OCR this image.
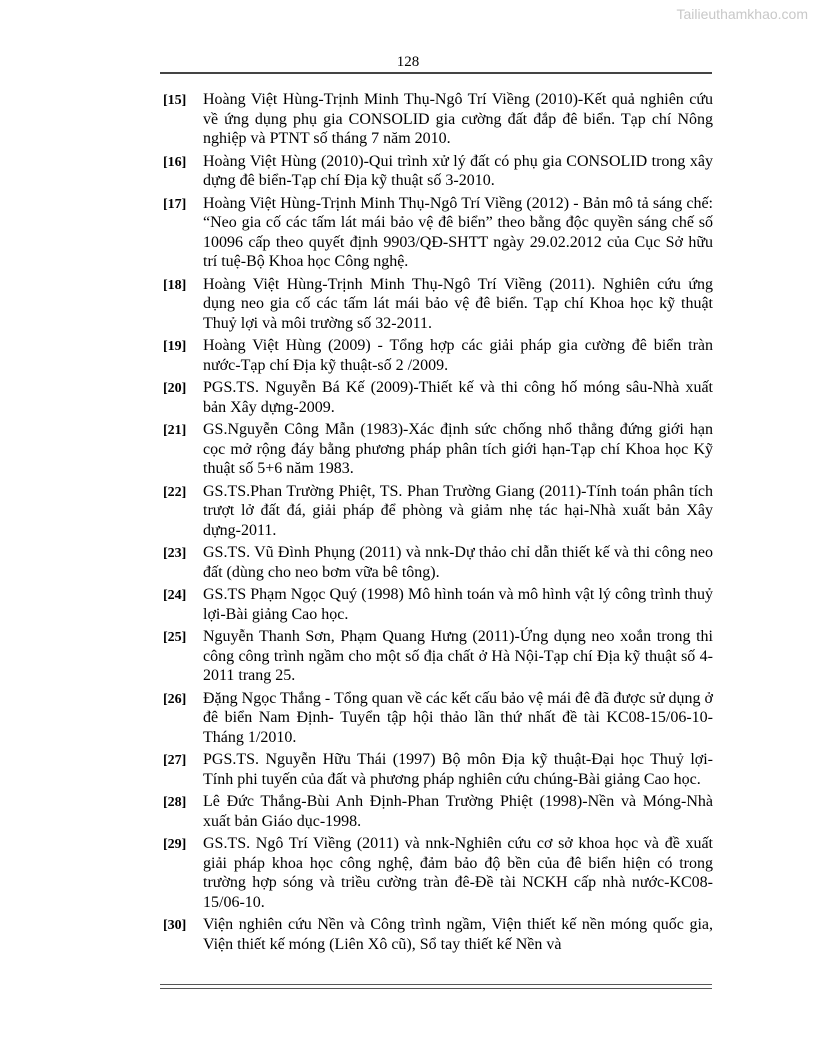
Tailieuthamkhao.com
128
[15]	Hoàng Việt Hùng-Trịnh Minh Thụ-Ngô Trí Viềng (2010)-Kết quả nghiên cứu về ứng dụng phụ gia CONSOLID gia cường đất đắp đê biển. Tạp chí Nông nghiệp và PTNT số tháng 7 năm 2010.
[16]	Hoàng Việt Hùng (2010)-Qui trình xử lý đất có phụ gia CONSOLID trong xây dựng đê biển-Tạp chí Địa kỹ thuật số 3-2010.
[17]	Hoàng Việt Hùng-Trịnh Minh Thụ-Ngô Trí Viềng (2012) - Bản mô tả sáng chế: “Neo gia cố các tấm lát mái bảo vệ đê biển” theo bằng độc quyền sáng chế số 10096 cấp theo quyết định 9903/QĐ-SHTT ngày 29.02.2012 của Cục Sở hữu trí tuệ-Bộ Khoa học Công nghệ.
[18]	Hoàng Việt Hùng-Trịnh Minh Thụ-Ngô Trí Viềng (2011). Nghiên cứu ứng dụng neo gia cố các tấm lát mái bảo vệ đê biển. Tạp chí Khoa học kỹ thuật Thuỷ lợi và môi trường số 32-2011.
[19]	Hoàng Việt Hùng (2009) - Tổng hợp các giải pháp gia cường đê biển tràn nước-Tạp chí Địa kỹ thuật-số 2 /2009.
[20]	PGS.TS. Nguyễn Bá Kế (2009)-Thiết kế và thi công hố móng sâu-Nhà xuất bản Xây dựng-2009.
[21]	GS.Nguyễn Công Mẫn (1983)-Xác định sức chống nhổ thẳng đứng giới hạn cọc mở rộng đáy bằng phương pháp phân tích giới hạn-Tạp chí Khoa học Kỹ thuật số 5+6 năm 1983.
[22]	GS.TS.Phan Trường Phiệt, TS. Phan Trường Giang (2011)-Tính toán phân tích trượt lở đất đá, giải pháp để phòng và giảm nhẹ tác hại-Nhà xuất bản Xây dựng-2011.
[23]	GS.TS. Vũ Đình Phụng (2011) và nnk-Dự thảo chỉ dẫn thiết kế và thi công neo đất (dùng cho neo bơm vữa bê tông).
[24]	GS.TS Phạm Ngọc Quý (1998) Mô hình toán và mô hình vật lý công trình thuỷ lợi-Bài giảng Cao học.
[25]	Nguyễn Thanh Sơn, Phạm Quang Hưng (2011)-Ứng dụng neo xoắn trong thi công công trình ngầm cho một số địa chất ở Hà Nội-Tạp chí Địa kỹ thuật số 4-2011 trang 25.
[26]	Đặng Ngọc Thắng - Tổng quan về các kết cấu bảo vệ mái đê đã được sử dụng ở đê biển Nam Định- Tuyển tập hội thảo lần thứ nhất đề tài KC08-15/06-10-Tháng 1/2010.
[27]	PGS.TS. Nguyễn Hữu Thái (1997) Bộ môn Địa kỹ thuật-Đại học Thuỷ lợi-Tính phi tuyến của đất và phương pháp nghiên cứu chúng-Bài giảng Cao học.
[28]	Lê Đức Thắng-Bùi Anh Định-Phan Trường Phiệt (1998)-Nền và Móng-Nhà xuất bản Giáo dục-1998.
[29]	GS.TS. Ngô Trí Viềng (2011) và nnk-Nghiên cứu cơ sở khoa học và đề xuất giải pháp khoa học công nghệ, đảm bảo độ bền của đê biển hiện có trong trường hợp sóng và triều cường tràn đê-Đề tài NCKH cấp nhà nước-KC08-15/06-10.
[30]	Viện nghiên cứu Nền và Công trình ngầm, Viện thiết kế nền móng quốc gia, Viện thiết kế móng (Liên Xô cũ), Sổ tay thiết kế Nền và
